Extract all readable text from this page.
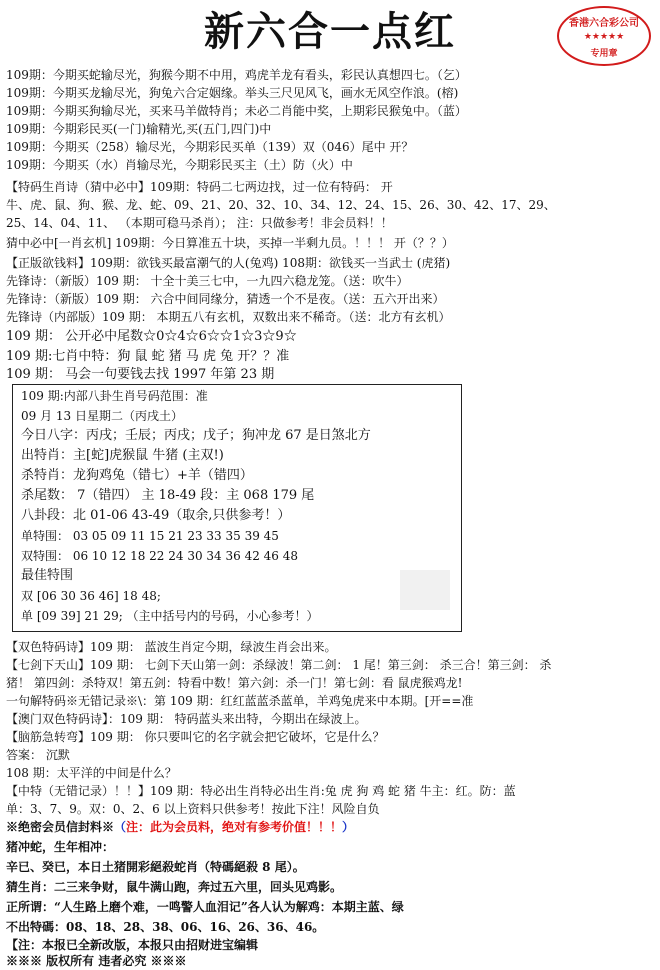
新六合一点红	香港六合彩公司
★★★★★
专用章
109期：今期买蛇输尽光，狗猴今期不中用，鸡虎羊龙有看头，彩民认真想四七。（乞）
109期：今期买龙输尽光，狗兔六合定姻缘。举头三尺见风飞，画水无风空作浪。(榕)
109期：今期买狗输尽光，买来马羊做特肖；未必二肖能中奖，上期彩民猴兔中。（蓝）
109期：今期彩民买(一门)输精光,买(五门,四门)中
109期：今期买（258）输尽光，今期彩民买单（139）双（046）尾中 开？
109期：今期买（水）肖输尽光，今期彩民买主（土）防（火）中
【特码生肖诗（猜中必中】109期：特码二七两边找，过一位有特码： 开
牛、虎、鼠、狗、猴、龙、蛇、09、21、20、32、10、34、12、24、15、26、30、42、17、29、
25、14、04、11、 （本期可稳马杀肖）； 注：只做参考！非会员料！！
猜中必中[一肖玄机] 109期：今日算准五十块，买掉一半剩九员。！！！ 开（？？）
【正版欲钱料】109期：欲钱买最富潮气的人(兔鸡) 108期：欲钱买一当武士 (虎猪)
先锋诗：（新版）109 期： 十全十美三七中，一九四六稳龙笼。（送：吹牛）
先锋诗：（新版）109 期： 六合中间同缘分，猜透一个不是夜。（送：五六开出来）
先锋诗（内部版）109 期： 本期五八有玄机，双数出来不稀奇。（送：北方有玄机）
109 期： 公开必中尾数☆0☆4☆6☆☆1☆3☆9☆
109 期:七肖中特：狗 鼠 蛇 猪 马 虎 兔 开？？准
109 期： 马会一句要钱去找 1997 年第 23 期
109 期:内部八卦生肖号码范围：准
09 月 13 日星期二（丙戌土）
今日八字：丙戌；壬辰；丙戌；戊子；狗冲龙 67 是日煞北方
出特肖：主[蛇]虎猴鼠 牛猪 (主双!)
杀特肖：龙狗鸡兔（错七）+羊（错四）
杀尾数： 7（错四） 主 18-49 段：主 068 179 尾
八卦段：北 01-06 43-49（取余,只供参考！）
单特围： 03 05 09 11 15 21 23 33 35 39 45
双特围： 06 10 12 18 22 24 30 34 36 42 46 48
最佳特围
双 [06 30 36 46] 18 48;
单 [09 39] 21 29; （主中括号内的号码，小心参考！）
【双色特码诗】109 期： 蓝波生肖定今期，绿波生肖会出来。
【七剑下天山】109 期： 七剑下天山第一剑：杀绿波！第二剑： 1 尾！第三剑： 杀三合！第三剑： 杀
猪！ 第四剑：杀特双！第五剑：特看中数！第六剑：杀一门！第七剑：看 鼠虎猴鸡龙!
一句解特码※无错记录※\：第 109 期：红红蓝蓝杀蓝单，羊鸡兔虎来中本期。[开==准
【澳门双色特码诗】：109 期： 特码蓝头来出特，今期出在绿波上。
【脑筋急转弯】109 期： 你只要叫它的名字就会把它破坏，它是什么？
答案： 沉默
108 期：太平洋的中间是什么？
【中特（无错记录）！！】109 期：特必出生肖特必出生肖:兔 虎 狗 鸡 蛇 猪 牛主：红。防：蓝
单：3、7、9。双：0、2、6 以上资料只供参考！按此下注！风险自负
※绝密会员信封料※（注：此为会员料，绝对有参考价值！！！）
猪冲蛇，生年相冲：
辛已、癸已，本日土猪開彩絕殺蛇肖（特碼絕殺 8 尾）。
猜生肖：二三来争财，鼠牛满山跑，奔过五六里，回头见鸡影。
正所谓：“人生路上磨个难，一鸣警人血泪记”各人认为解鸡：本期主蓝、绿
不出特碼：08、18、28、38、06、16、26、36、46。
【注：本报已全新改版，本报只由招财进宝编辑
※※※ 版权所有 违者必究 ※※※
